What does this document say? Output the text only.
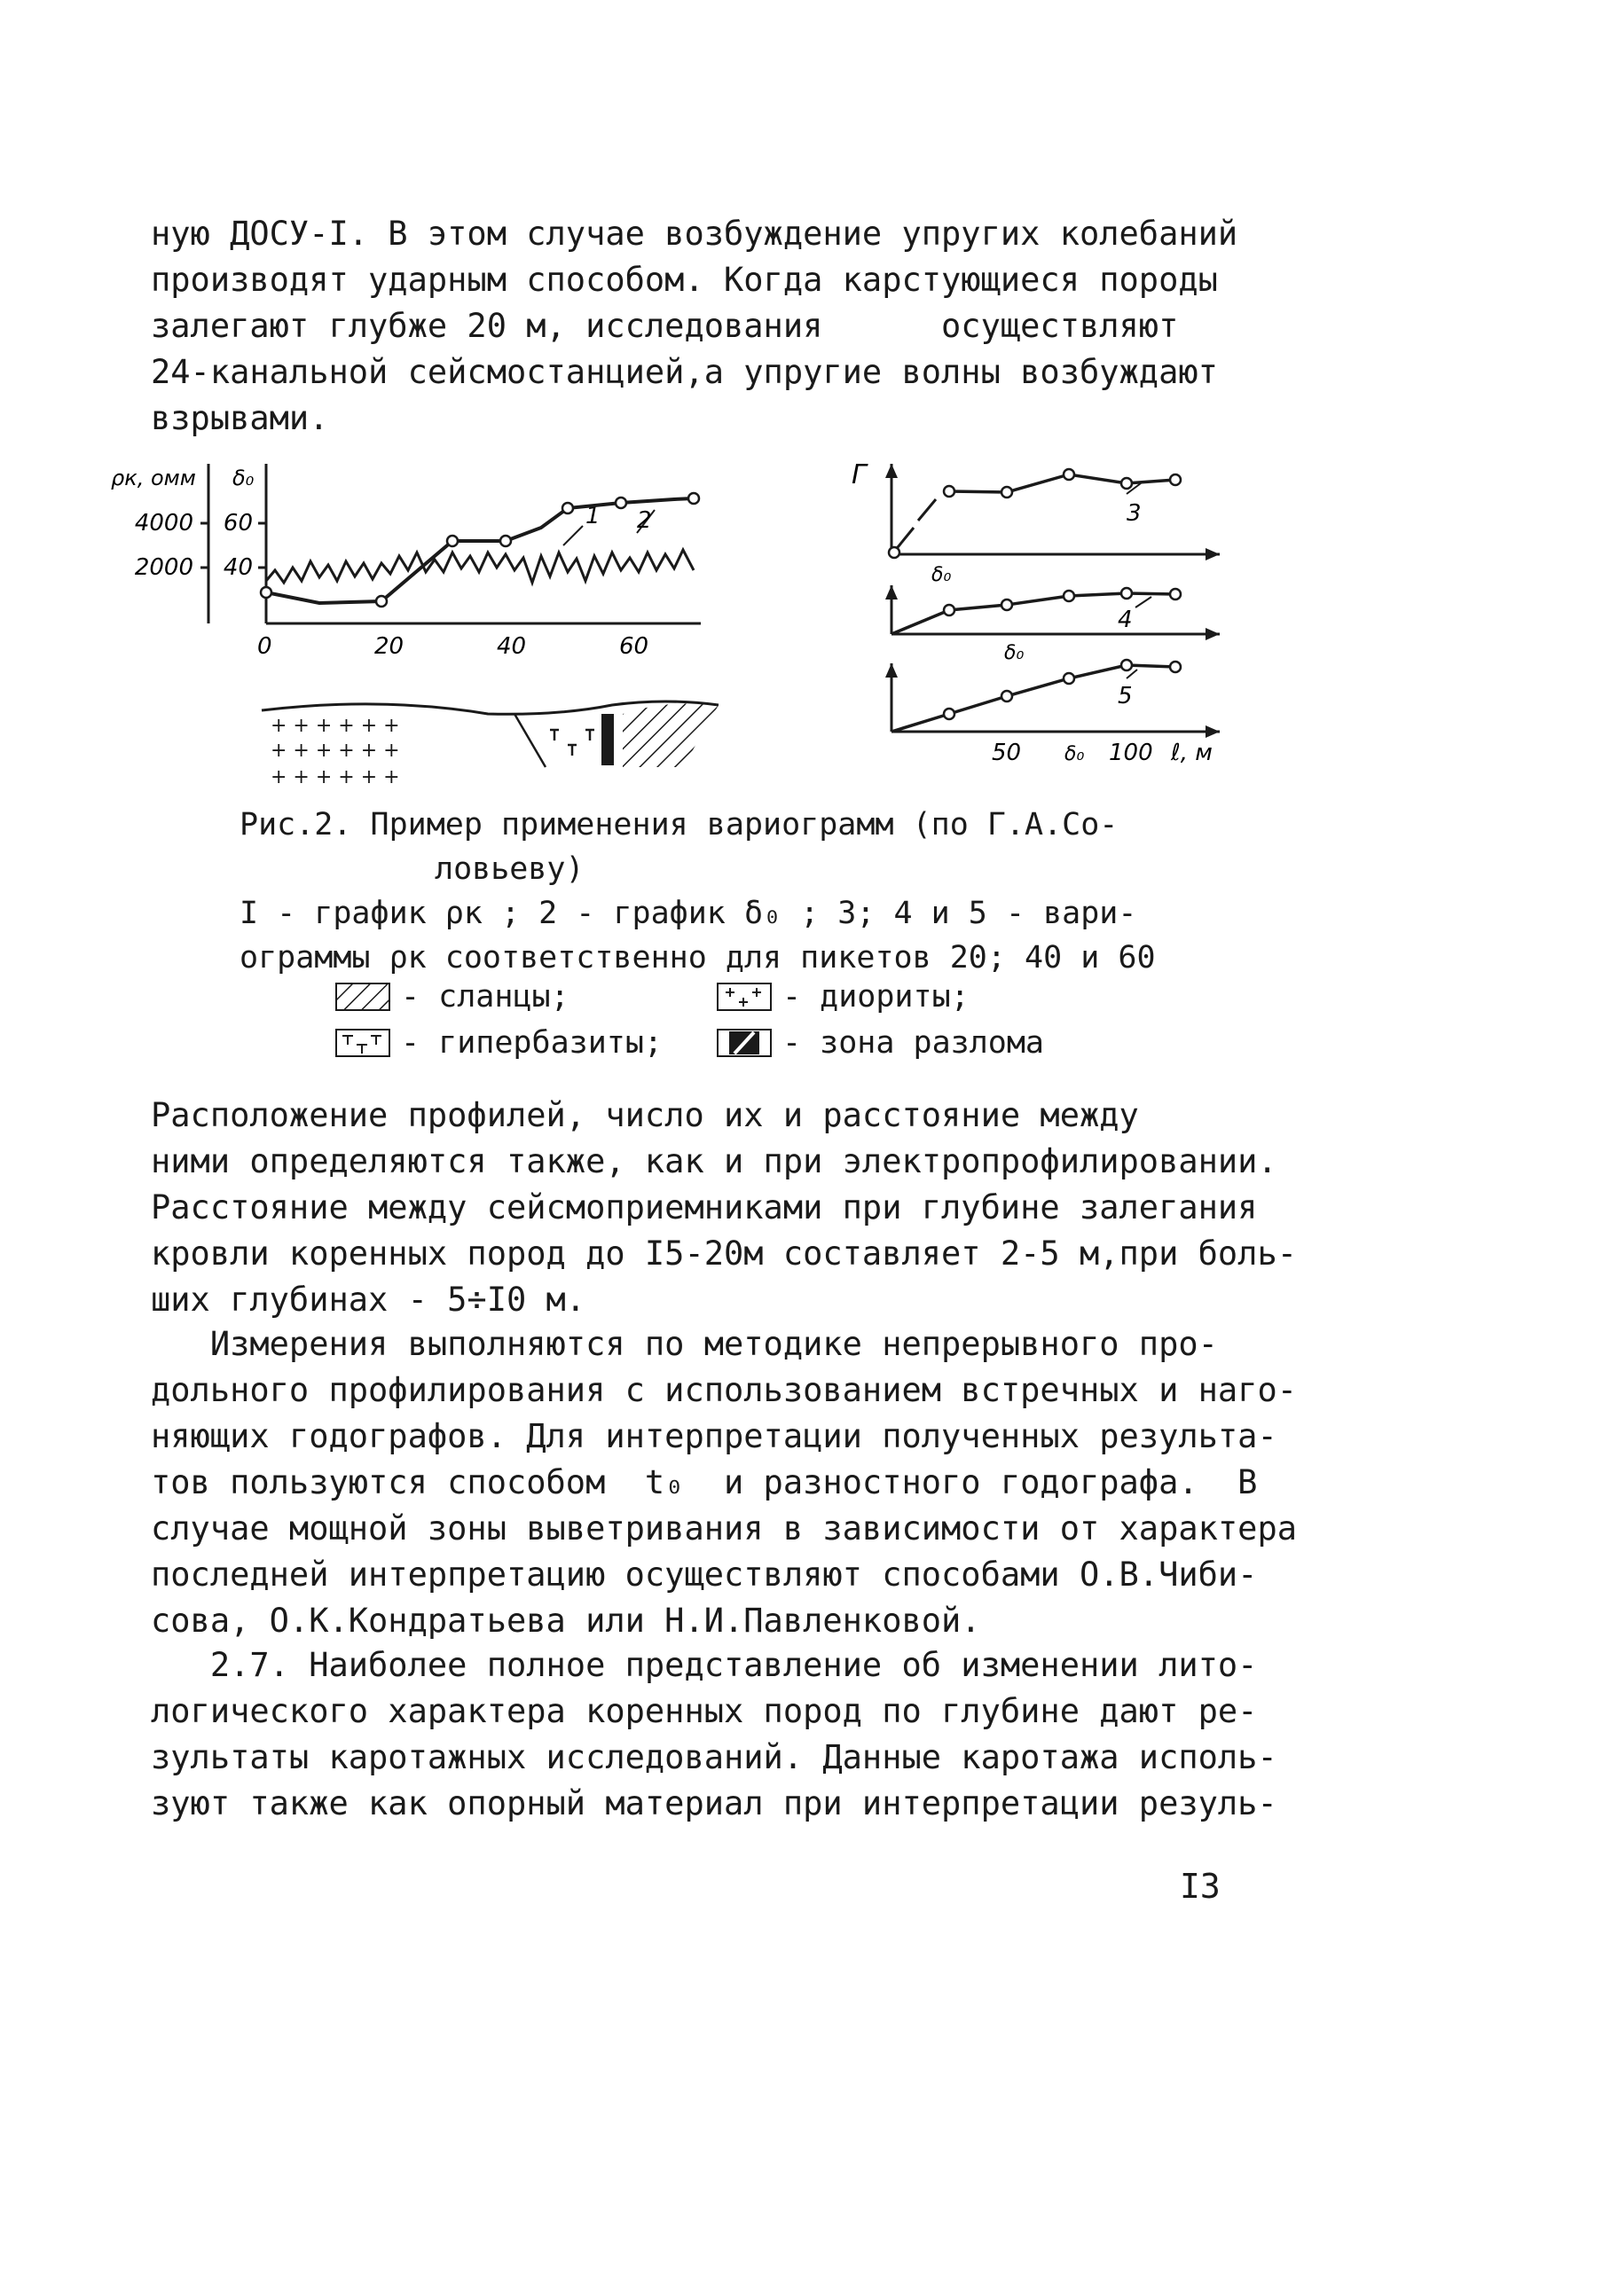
ную ДОСУ-I. В этом случае возбуждение упругих колебаний
производят ударным способом. Когда карстующиеся породы
залегают глубже 20 м, исследования      осуществляют
24-канальной сейсмостанцией,а упругие волны возбуждают
взрывами.
ρк, омм δ₀
4000
2000
60
40
0	20	40	60
1 2
+ + + + + +
+ + + + + +
+ + + + + +
Γ
3
δ₀
4
δ₀
5
50 δ₀ 100 ℓ, м
Рис.2. Пример применения вариограмм (по Г.А.Со-
ловьеву)
I - график ρк ; 2 - график δ₀ ; 3; 4 и 5 - вари-
ограммы ρк соответственно для пикетов 20; 40 и 60
- сланцы;
- гипербазиты;
- диориты;
- зона разлома
Расположение профилей, число их и расстояние между
ними определяются также, как и при электропрофилировании.
Расстояние между сейсмоприемниками при глубине залегания
кровли коренных пород до I5-20м составляет 2-5 м,при боль-
ших глубинах - 5÷I0 м.
Измерения выполняются по методике непрерывного про-
дольного профилирования с использованием встречных и наго-
няющих годографов. Для интерпретации полученных результа-
тов пользуются способом  t₀  и разностного годографа.  В
случае мощной зоны выветривания в зависимости от характера
последней интерпретацию осуществляют способами О.В.Чиби-
сова, О.К.Кондратьева или Н.И.Павленковой.
2.7. Наиболее полное представление об изменении лито-
логического характера коренных пород по глубине дают ре-
зультаты каротажных исследований. Данные каротажа исполь-
зуют также как опорный материал при интерпретации резуль-
I3
